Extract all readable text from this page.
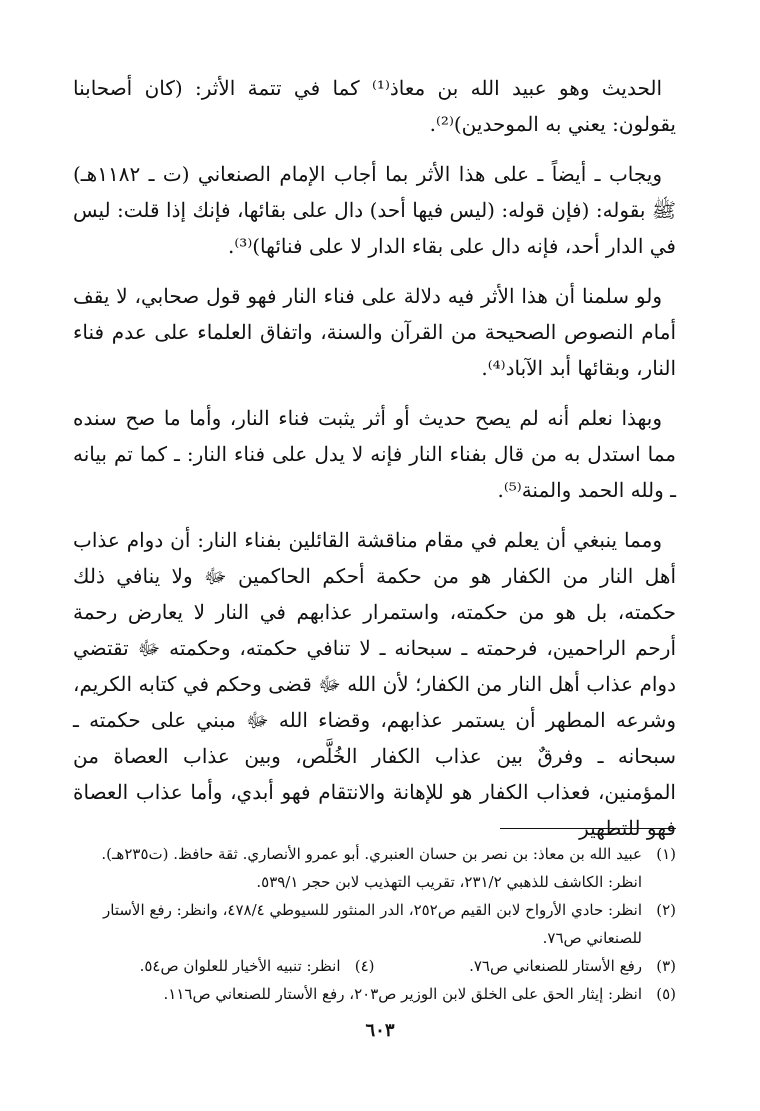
الحديث وهو عبيد الله بن معاذ⁽¹⁾ كما في تتمة الأثر: (كان أصحابنا يقولون: يعني به الموحدين)⁽²⁾.

ويجاب ـ أيضاً ـ على هذا الأثر بما أجاب الإمام الصنعاني (ت ـ ١١٨٢هـ) ﷺ بقوله: (فإن قوله: (ليس فيها أحد) دال على بقائها، فإنك إذا قلت: ليس في الدار أحد، فإنه دال على بقاء الدار لا على فنائها)⁽³⁾.

ولو سلمنا أن هذا الأثر فيه دلالة على فناء النار فهو قول صحابي، لا يقف أمام النصوص الصحيحة من القرآن والسنة، واتفاق العلماء على عدم فناء النار، وبقائها أبد الآباد⁽⁴⁾.

وبهذا نعلم أنه لم يصح حديث أو أثر يثبت فناء النار، وأما ما صح سنده مما استدل به من قال بفناء النار فإنه لا يدل على فناء النار: ـ كما تم بيانه ـ ولله الحمد والمنة⁽⁵⁾.

ومما ينبغي أن يعلم في مقام مناقشة القائلين بفناء النار: أن دوام عذاب أهل النار من الكفار هو من حكمة أحكم الحاكمين ﷻ ولا ينافي ذلك حكمته، بل هو من حكمته، واستمرار عذابهم في النار لا يعارض رحمة أرحم الراحمين، فرحمته ـ سبحانه ـ لا تنافي حكمته، وحكمته ﷻ تقتضي دوام عذاب أهل النار من الكفار؛ لأن الله ﷻ قضى وحكم في كتابه الكريم، وشرعه المطهر أن يستمر عذابهم، وقضاء الله ﷻ مبني على حكمته ـ سبحانه ـ وفرقٌ بين عذاب الكفار الخُلَّص، وبين عذاب العصاة من المؤمنين، فعذاب الكفار هو للإهانة والانتقام فهو أبدي، وأما عذاب العصاة فهو للتطهير

(١)
عبيد الله بن معاذ: بن نصر بن حسان العنبري. أبو عمرو الأنصاري. ثقة حافظ. (ت٢٣٥هـ). انظر: الكاشف للذهبي ٢٣١/٢، تقريب التهذيب لابن حجر ٥٣٩/١.
(٢)
انظر: حادي الأرواح لابن القيم ص٢٥٢، الدر المنثور للسيوطي ٤٧٨/٤، وانظر: رفع الأستار للصنعاني ص٧٦.
(٣)
رفع الأستار للصنعاني ص٧٦.
(٤)
انظر: تنبيه الأخيار للعلوان ص٥٤.
(٥)
انظر: إيثار الحق على الخلق لابن الوزير ص٢٠٣، رفع الأستار للصنعاني ص١١٦.
٦٠٣
